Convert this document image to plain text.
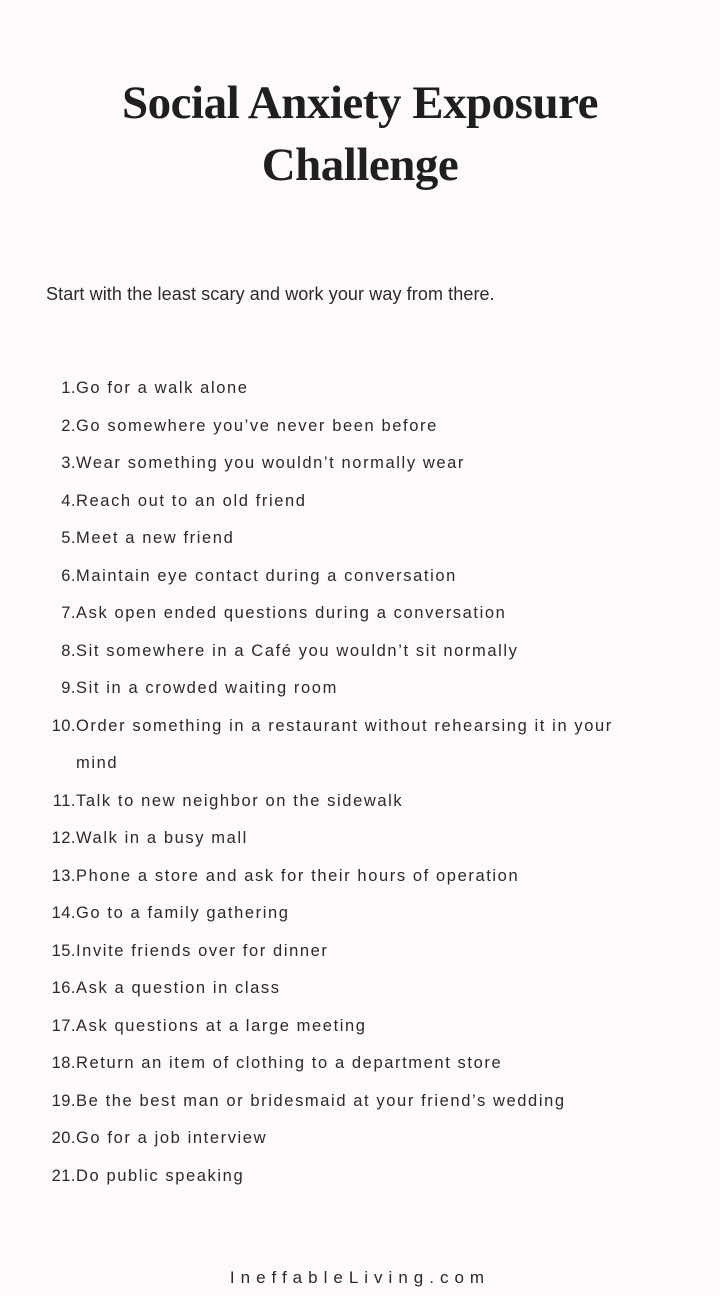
Social Anxiety Exposure
Challenge
Start with the least scary and work your way from there.
1. Go for a walk alone
2. Go somewhere you’ve never been before
3. Wear something you wouldn’t normally wear
4. Reach out to an old friend
5. Meet a new friend
6. Maintain eye contact during a conversation
7. Ask open ended questions during a conversation
8. Sit somewhere in a Café you wouldn’t sit normally
9. Sit in a crowded waiting room
10. Order something in a restaurant without rehearsing it in your mind
11. Talk to new neighbor on the sidewalk
12. Walk in a busy mall
13. Phone a store and ask for their hours of operation
14. Go to a family gathering
15. Invite friends over for dinner
16. Ask a question in class
17. Ask questions at a large meeting
18. Return an item of clothing to a department store
19. Be the best man or bridesmaid at your friend’s wedding
20. Go for a job interview
21. Do public speaking
IneffableLiving.com
